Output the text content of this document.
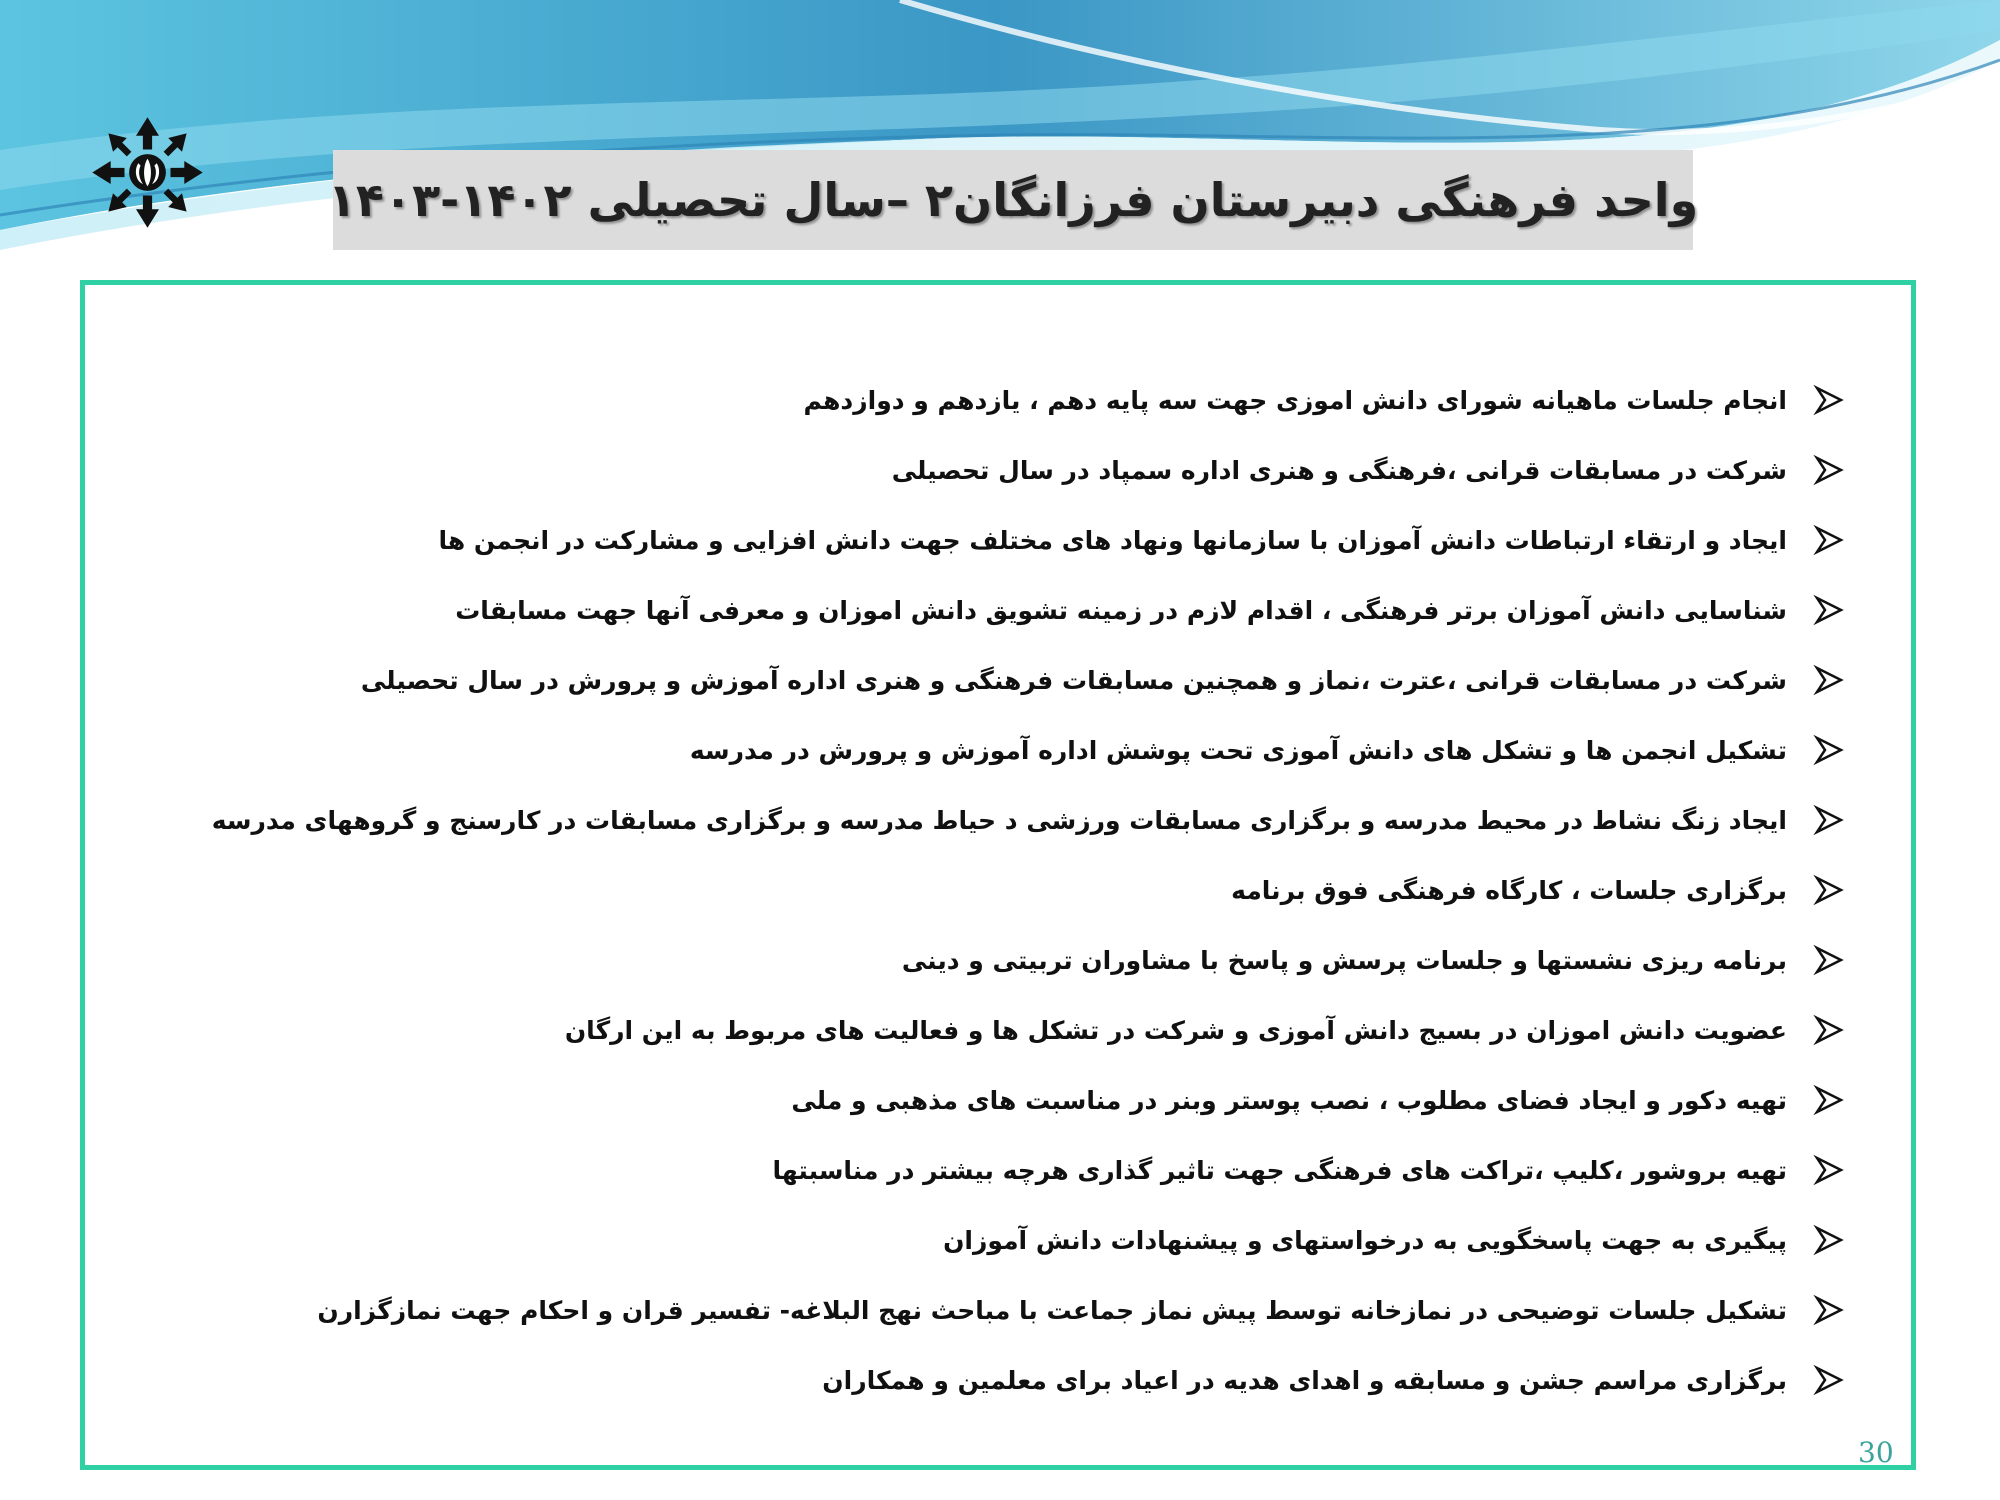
واحد فرهنگی دبیرستان فرزانگان۲ –سال تحصیلی ۱۴۰۲-۱۴۰۳
انجام جلسات ماهیانه شورای دانش اموزی جهت سه پایه دهم ، یازدهم و دوازدهم
شرکت در مسابقات قرانی ،فرهنگی و هنری اداره سمپاد در سال تحصیلی
ایجاد و ارتقاء ارتباطات دانش آموزان با سازمانها ونهاد های مختلف جهت دانش افزایی و مشارکت در انجمن ها
شناسایی دانش آموزان برتر فرهنگی ، اقدام لازم در زمینه تشویق دانش اموزان و معرفی آنها جهت مسابقات
شرکت در مسابقات قرانی ،عترت ،نماز و همچنین مسابقات فرهنگی و هنری اداره آموزش و پرورش در سال تحصیلی
تشکیل انجمن ها و تشکل های دانش آموزی تحت پوشش اداره آموزش و پرورش در مدرسه
ایجاد زنگ نشاط در محیط مدرسه و برگزاری مسابقات ورزشی د حیاط مدرسه و برگزاری مسابقات در کارسنج و گروههای مدرسه
برگزاری جلسات ، کارگاه فرهنگی فوق برنامه
برنامه ریزی نشستها و جلسات پرسش و پاسخ با مشاوران تربیتی و دینی
عضویت دانش اموزان در بسیج دانش آموزی و شرکت در تشکل ها و فعالیت های مربوط به این ارگان
تهیه دکور و ایجاد فضای مطلوب ، نصب پوستر وبنر در مناسبت های مذهبی و ملی
تهیه بروشور ،کلیپ ،تراکت های فرهنگی جهت تاثیر گذاری هرچه بیشتر در مناسبتها
پیگیری به جهت پاسخگویی به درخواستهای و پیشنهادات دانش آموزان
تشکیل جلسات توضیحی در نمازخانه توسط پیش نماز جماعت با مباحث نهج البلاغه- تفسیر قران و احکام جهت نمازگزارن
برگزاری مراسم جشن و مسابقه و اهدای هدیه در اعیاد برای معلمین و همکاران
30
